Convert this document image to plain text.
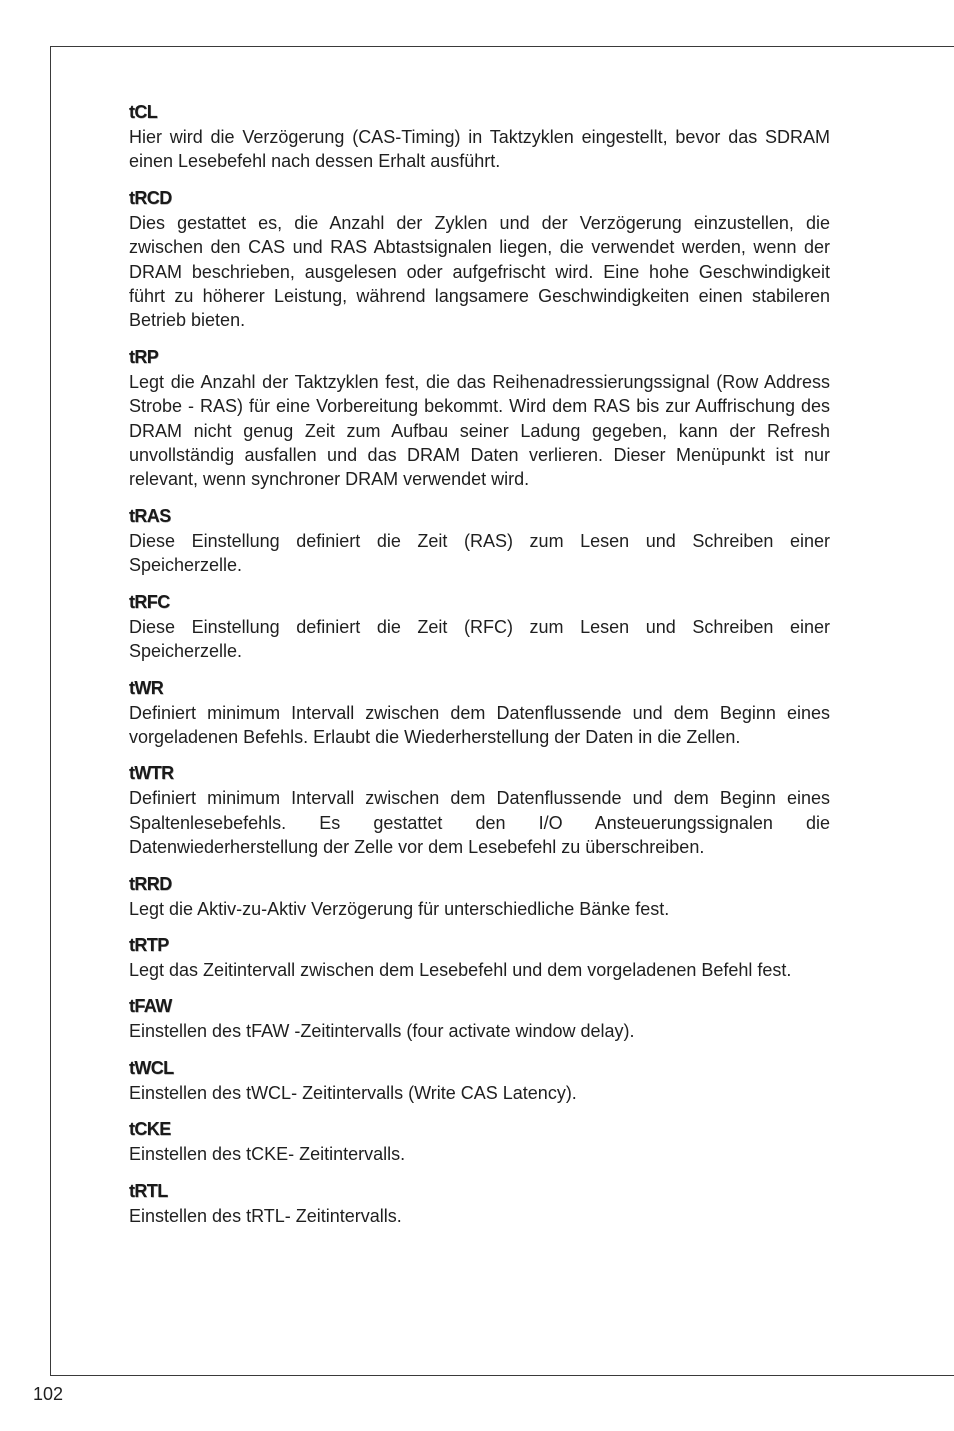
tCL

Hier wird die Verzögerung (CAS-Timing) in Taktzyklen eingestellt, bevor das SDRAM einen Lesebefehl nach dessen Erhalt ausführt.

tRCD

Dies gestattet es, die Anzahl der Zyklen und der Verzögerung einzustellen, die zwischen den CAS und RAS Abtastsignalen liegen, die verwendet werden, wenn der DRAM beschrieben, ausgelesen oder aufgefrischt wird. Eine hohe Geschwindigkeit führt zu höherer Leistung, während langsamere Geschwindigkeiten einen stabileren Betrieb bieten.

tRP

Legt die Anzahl der Taktzyklen fest, die das Reihenadressierungssignal (Row Address Strobe - RAS) für eine Vorbereitung bekommt. Wird dem RAS bis zur Auffrischung des DRAM nicht genug Zeit zum Aufbau seiner Ladung gegeben, kann der Refresh unvollständig ausfallen und das DRAM Daten verlieren. Dieser Menüpunkt ist nur relevant, wenn synchroner DRAM verwendet wird.

tRAS

Diese Einstellung definiert die Zeit (RAS) zum Lesen und Schreiben einer Speicherzelle.

tRFC

Diese Einstellung definiert die Zeit (RFC) zum Lesen und Schreiben einer Speicherzelle.

tWR

Definiert minimum Intervall zwischen dem Datenflussende und dem Beginn eines vorgeladenen Befehls. Erlaubt die Wiederherstellung der Daten in die Zellen.

tWTR

Definiert minimum Intervall zwischen dem Datenflussende und dem Beginn eines Spaltenlesebefehls. Es gestattet den I/O Ansteuerungssignalen die Datenwiederherstellung der Zelle vor dem Lesebefehl zu überschreiben.

tRRD

Legt die Aktiv-zu-Aktiv Verzögerung für unterschiedliche Bänke fest.

tRTP

Legt das Zeitintervall zwischen dem Lesebefehl und dem vorgeladenen Befehl fest.

tFAW

Einstellen des tFAW -Zeitintervalls (four activate window delay).

tWCL

Einstellen des tWCL- Zeitintervalls (Write CAS Latency).

tCKE

Einstellen des tCKE- Zeitintervalls.

tRTL

Einstellen des tRTL- Zeitintervalls.

102
